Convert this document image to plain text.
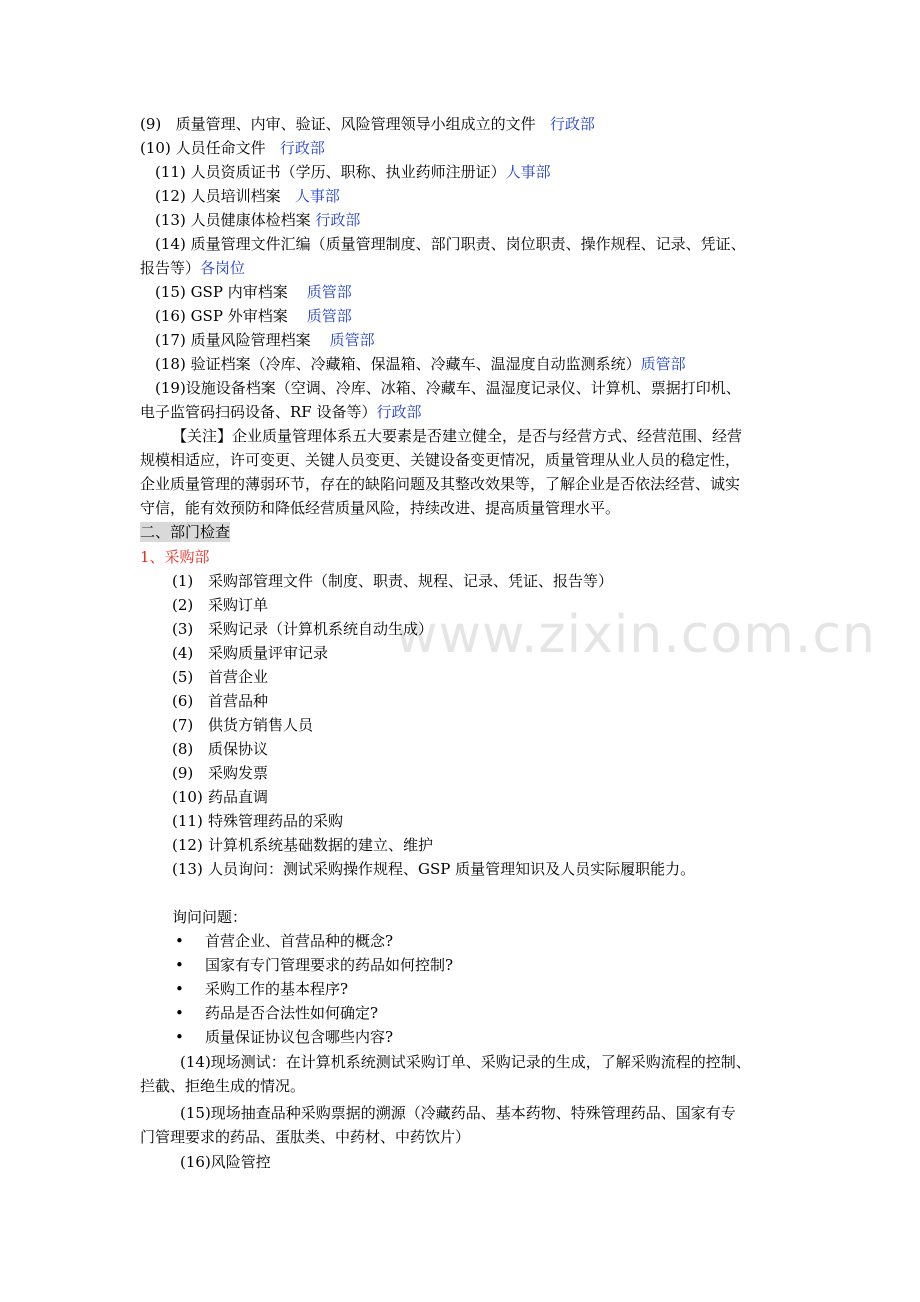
(9) 质量管理、内审、验证、风险管理领导小组成立的文件 行政部
(10) 人员任命文件 行政部
(11) 人员资质证书（学历、职称、执业药师注册证）人事部
(12) 人员培训档案 人事部
(13) 人员健康体检档案 行政部
(14) 质量管理文件汇编（质量管理制度、部门职责、岗位职责、操作规程、记录、凭证、
报告等）各岗位
(15) GSP 内审档案 质管部
(16) GSP 外审档案 质管部
(17) 质量风险管理档案 质管部
(18) 验证档案（冷库、冷藏箱、保温箱、冷藏车、温湿度自动监测系统）质管部
(19)设施设备档案（空调、冷库、冰箱、冷藏车、温湿度记录仪、计算机、票据打印机、
电子监管码扫码设备、RF 设备等）行政部
【关注】企业质量管理体系五大要素是否建立健全，是否与经营方式、经营范围、经营
规模相适应，许可变更、关键人员变更、关键设备变更情况，质量管理从业人员的稳定性，
企业质量管理的薄弱环节，存在的缺陷问题及其整改效果等，了解企业是否依法经营、诚实
守信，能有效预防和降低经营质量风险，持续改进、提高质量管理水平。
二、部门检查
1、采购部
(1) 采购部管理文件（制度、职责、规程、记录、凭证、报告等）
(2) 采购订单
(3) 采购记录（计算机系统自动生成）
(4) 采购质量评审记录
(5) 首营企业
(6) 首营品种
(7) 供货方销售人员
(8) 质保协议
(9) 采购发票
(10) 药品直调
(11) 特殊管理药品的采购
(12) 计算机系统基础数据的建立、维护
(13) 人员询问：测试采购操作规程、GSP 质量管理知识及人员实际履职能力。
询问问题：
• 首营企业、首营品种的概念?
• 国家有专门管理要求的药品如何控制?
• 采购工作的基本程序?
• 药品是否合法性如何确定?
• 质量保证协议包含哪些内容?
(14)现场测试：在计算机系统测试采购订单、采购记录的生成，了解采购流程的控制、
拦截、拒绝生成的情况。
(15)现场抽查品种采购票据的溯源（冷藏药品、基本药物、特殊管理药品、国家有专
门管理要求的药品、蛋肽类、中药材、中药饮片）
(16)风险管控
www.zixin.com.cn
